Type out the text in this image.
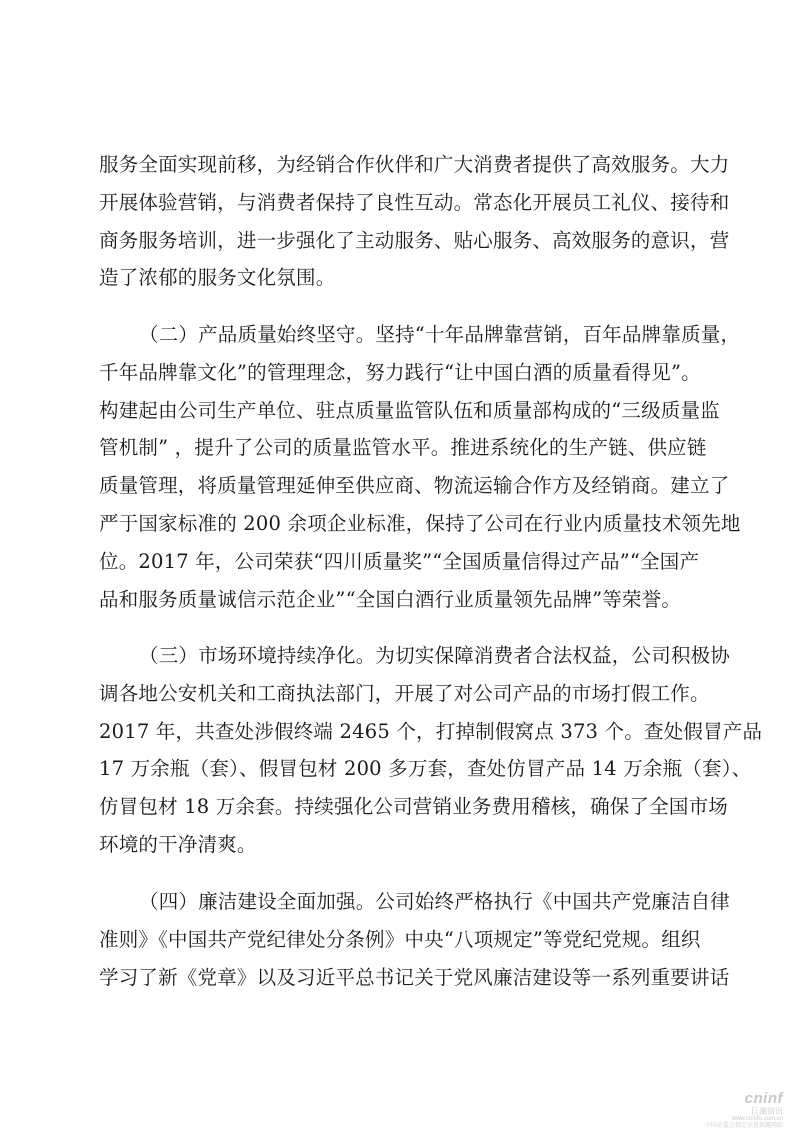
服务全面实现前移，为经销合作伙伴和广大消费者提供了高效服务。大力
开展体验营销，与消费者保持了良性互动。常态化开展员工礼仪、接待和
商务服务培训，进一步强化了主动服务、贴心服务、高效服务的意识，营
造了浓郁的服务文化氛围。
（二）产品质量始终坚守。坚持“十年品牌靠营销，百年品牌靠质量，
千年品牌靠文化”的管理理念，努力践行“让中国白酒的质量看得见”。
构建起由公司生产单位、驻点质量监管队伍和质量部构成的“三级质量监
管机制” ，提升了公司的质量监管水平。推进系统化的生产链、供应链
质量管理，将质量管理延伸至供应商、物流运输合作方及经销商。建立了
严于国家标准的 200 余项企业标准，保持了公司在行业内质量技术领先地
位。2017 年，公司荣获“四川质量奖”“全国质量信得过产品”“全国产
品和服务质量诚信示范企业”“全国白酒行业质量领先品牌”等荣誉。
（三）市场环境持续净化。为切实保障消费者合法权益，公司积极协
调各地公安机关和工商执法部门，开展了对公司产品的市场打假工作。
2017 年，共查处涉假终端 2465 个，打掉制假窝点 373 个。查处假冒产品
17 万余瓶（套）、假冒包材 200 多万套，查处仿冒产品 14 万余瓶（套）、
仿冒包材 18 万余套。持续强化公司营销业务费用稽核，确保了全国市场
环境的干净清爽。
（四）廉洁建设全面加强。公司始终严格执行《中国共产党廉洁自律
准则》《中国共产党纪律处分条例》中央“八项规定”等党纪党规。组织
学习了新《党章》以及习近平总书记关于党风廉洁建设等一系列重要讲话
cninf
巨潮资讯
www.cninfo.com.cn
中国证监会指定信息披露网站
